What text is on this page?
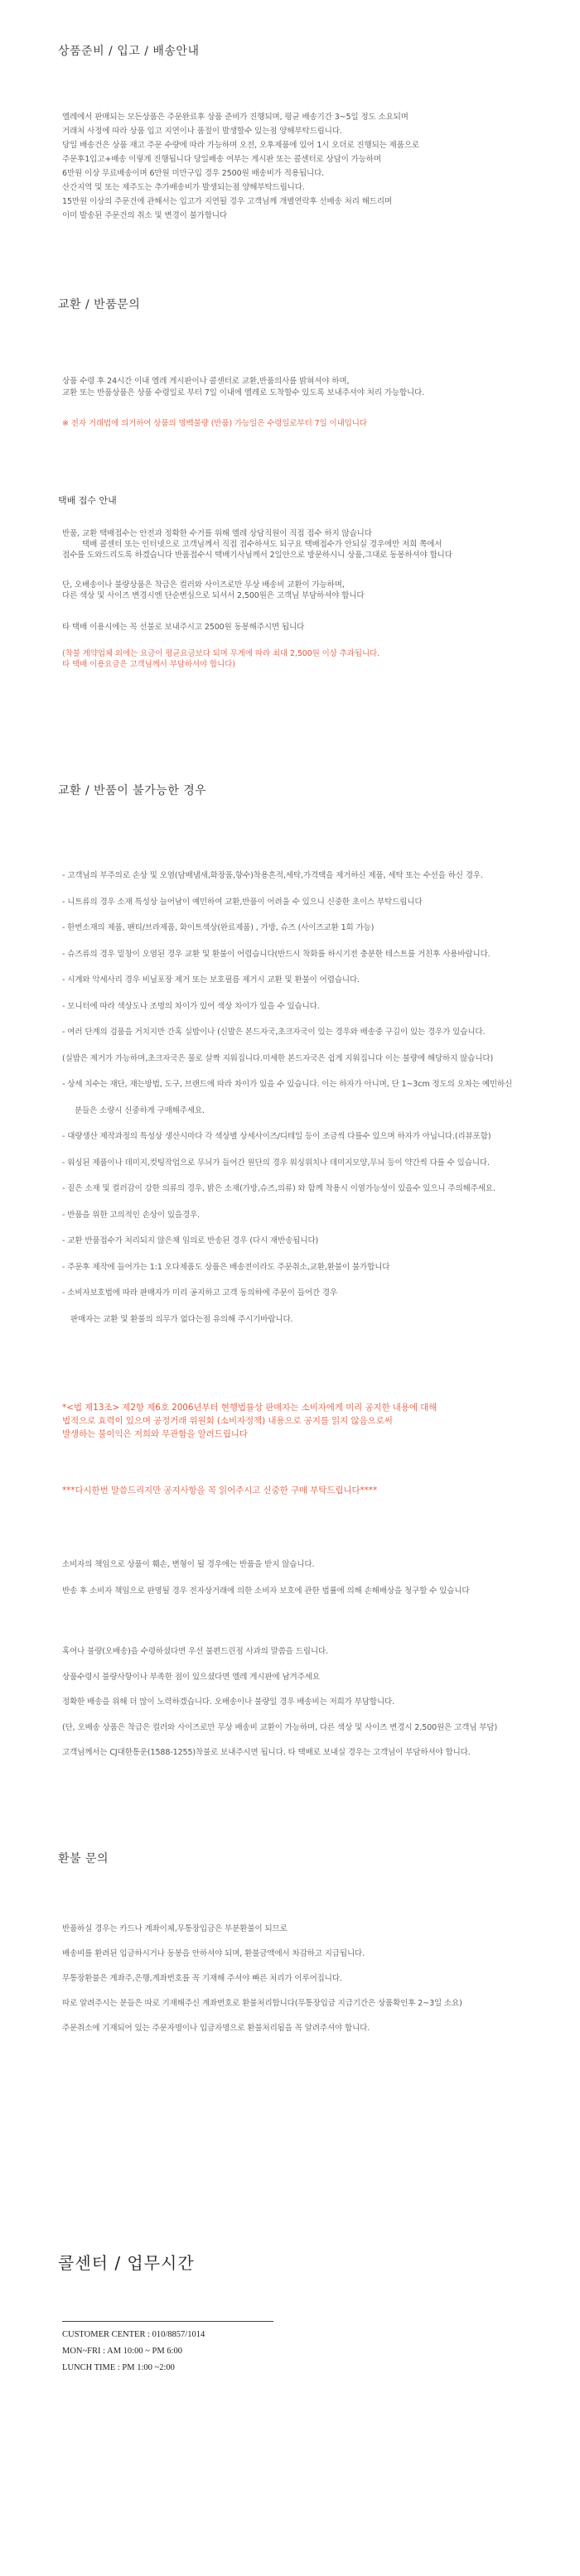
상품준비 / 입고 / 배송안내
엘레에서 판매되는 모든상품은 주문완료후 상품 준비가 진행되며, 평균 배송기간 3~5일 정도 소요되며
거래처 사정에 따라 상품 입고 지연이나 품절이 발생할수 있는점 양해부탁드립니다.
당일 배송건은 상품 재고 주문 수량에 따라 가능하며 오전, 오후제품에 있어 1시 오더로 진행되는 제품으로
주문후1입고+배송 이렇게 진행됩니다 당일배송 여부는 게시판 또는 콜센터로 상담이 가능하며
6만원 이상 무료배송이며 6만원 미만구입 경우 2500원 배송비가 적용됩니다.
산간지역 및 또는 제주도는 추가배송비가 발생되는점 양해부탁드립니다.
15만원 이상의 주문건에 관해서는 입고가 지연될 경우 고객님께 개별연락후 선배송 처리 해드리며
이미 발송된 주문건의 취소 및 변경이 불가합니다
교환 / 반품문의
상품 수령 후 24시간 이내 엘레 게시판이나 콜센터로 교환,반품의사를 밝혀셔야 하며,
교환 또는 반품상품은 상품 수령일로 부터 7일 이내에 엘레로 도착할수 있도록 보내주셔야 처리 가능합니다.
※ 전자 거래법에 의거하여 상품의 명백불량 (반품) 가능일은 수령일로부터 7일 이내입니다
택배 접수 안내
반품, 교환 택배접수는 안전과 정확한 수거를 위해 엘레 상담직원이 직접 접수 하지 않습니다
택배 콜센터 또는 인터넷으로 고객님께서 직접 접수하셔도 되구요 택배접수가 안되실 경우에만 저희 쪽에서
접수를 도와드리도록 하겠습니다 반품접수시 택배기사님께서 2일안으로 방문하시니 상품,그대로 동봉하셔야 합니다
단, 오배송이나 불량상품은 착급은 컬러와 사이즈로만 무상 배송비 교환이 가능하며,
다른 색상 및 사이즈 변경시엔 단순변심으로 되셔서 2,500원은 고객님 부담하셔야 합니다
타 택배 이용시에는 꼭 선불로 보내주시고 2500원 동봉해주시면 됩니다
(착불 계약업체 외에는 요금이 평균요금보다 되며 무게에 따라 최대 2,500원 이상 추과됩니다.
타 택배 이용요금은 고객님께서 부담하셔야 합니다)
교환 / 반품이 불가능한 경우
- 고객님의 부주의로 손상 및 오염(담배냄새,화장품,향수)착용흔적,세탁,가격택을 제거하신 제품, 세탁 또는 수선을 하신 경우.
- 니트류의 경우 소재 특성상 늘어남이 예민하여 교환,반품이 어려울 수 있으니 신중한 초이스 부탁드립니다
- 한번소재의 제품, 팬티/브라제품, 화이트색상(완료제품) , 가방, 슈즈 (사이즈교환 1회 가능)
- 슈즈류의 경우 밑창이 오염된 경우 교환 및 환불이 어렵습니다(반드시 착화를 하시기전 충분한 테스트를 거친후 사용바랍니다.
- 시계와 악세사리 경우 비닐포장 제거 또는 보호필름 제거시 교환 및 환불이 어렵습니다.
- 모니터에 따라 색상도나 조명의 차이가 있어 색상 차이가 있을 수 있습니다.
- 여러 단계의 검품을 거치지만 간혹 실밥이나 (신발은 본드자국,초크자국이 있는 경우와 배송중 구김이 있는 경우가 있습니다.
(실밥은 제거가 가능하며,초크자국은 물로 살짝 지워집니다.미세한 본드자국은 쉽게 지워집니다 이는 불량에 해당하지 않습니다)
- 상세 치수는 재단, 재는방법, 도구, 브랜드에 따라 차이가 있을 수 있습니다. 이는 하자가 아니며, 단 1~3cm 정도의 오차는 예민하신
분들은 소량시 신중하게 구매해주세요.
- 대량생산 제작과정의 특성상 생산시마다 각 색상별 상세사이즈/디테일 등이 조금씩 다를수 있으며 하자가 아닙니다.(리뷰포함)
- 워싱된 제품이나 데미지,컷팅작업으로 무늬가 들어간 원단의 경우 워싱위치나 데미지모양,무늬 등이 약간씩 다를 수 있습니다.
- 짙은 소재 및 컬러감이 강한 의류의 경우, 밝은 소재(가방,슈즈,의류) 와 함께 착용시 이염가능성이 있을수 있으니 주의해주세요.
- 반품을 위한 고의적인 손상이 있을경우.
- 교환 반품접수가 처리되지 않은채 임의로 반송된 경우 (다시 재반송됩니다)
- 주문후 제작에 들어가는 1:1 오다제품도 상품은 배송전이라도 주문취소,교환,환불이 불가합니다
- 소비자보호법에 따라 판매자가 미리 공지하고 고객 동의하에 주문이 들어간 경우
판매자는 교환 및 환불의 의무가 없다는점 유의해 주시기바랍니다.
*<법 제13조> 제2항 제6호 2006년부터 현행법률상 판매자는 소비자에게 미리 공지한 내용에 대해
법적으로 효력이 있으며 공정거래 위원회 (소비자정책) 내용으로 공지를 읽지 않음으로써
발생하는 불이익은 저희와 무관함을 알려드립니다
***다시한번 말씀드리지만 공지사항을 꼭 읽어주시고 신중한 구매 부탁드립니다****
소비자의 책임으로 상품이 훼손, 변형이 될 경우에는 반품을 받지 않습니다.
반송 후 소비자 책임으로 판명될 경우 전자상거래에 의한 소비자 보호에 관한 법률에 의해 손해배상을 청구할 수 있습니다
혹여나 불량(오배송)을 수령하셨다면 우선 불편드린점 사과의 말씀을 드립니다.
상품수령시 불량사항이나 부족한 점이 있으셨다면 엘레 게시판에 남겨주세요
정확한 배송을 위해 더 많이 노력하겠습니다. 오배송이나 불량일 경우 배송비는 저희가 부담합니다.
(단, 오배송 상품은 착급은 컬러와 사이즈로만 무상 배송비 교환이 가능하며, 다른 색상 및 사이즈 변경시 2,500원은 고객님 부담)
고객님께서는 CJ대한통운(1588-1255)착불로 보내주시면 됩니다. 타 택배로 보내실 경우는 고객님이 부담하셔야 합니다.
환불 문의
반품하실 경우는 카드나 계좌이체,무통장입금은 부분환불이 되므로
배송비를 환려된 입금하시거나 동봉을 안하셔야 되며, 환불금액에서 차감하고 지급됩니다.
무통장환불은 계좌주,은행,계좌번호를 꼭 기재해 주셔야 빠른 처리가 이루어집니다.
따로 알려주시는 분들은 따로 기재해주신 계좌번호로 환불처리합니다(무통장입금 지급기간은 상품확인후 2~3일 소요)
주문취소에 기재되어 있는 주문자명이나 입금자명으로 환불처리됨을 꼭 알려주셔야 합니다.
콜센터 / 업무시간
CUSTOMER CENTER : 010/8857/1014
MON~FRI : AM 10:00 ~ PM 6:00
LUNCH TIME : PM 1:00 ~2:00
